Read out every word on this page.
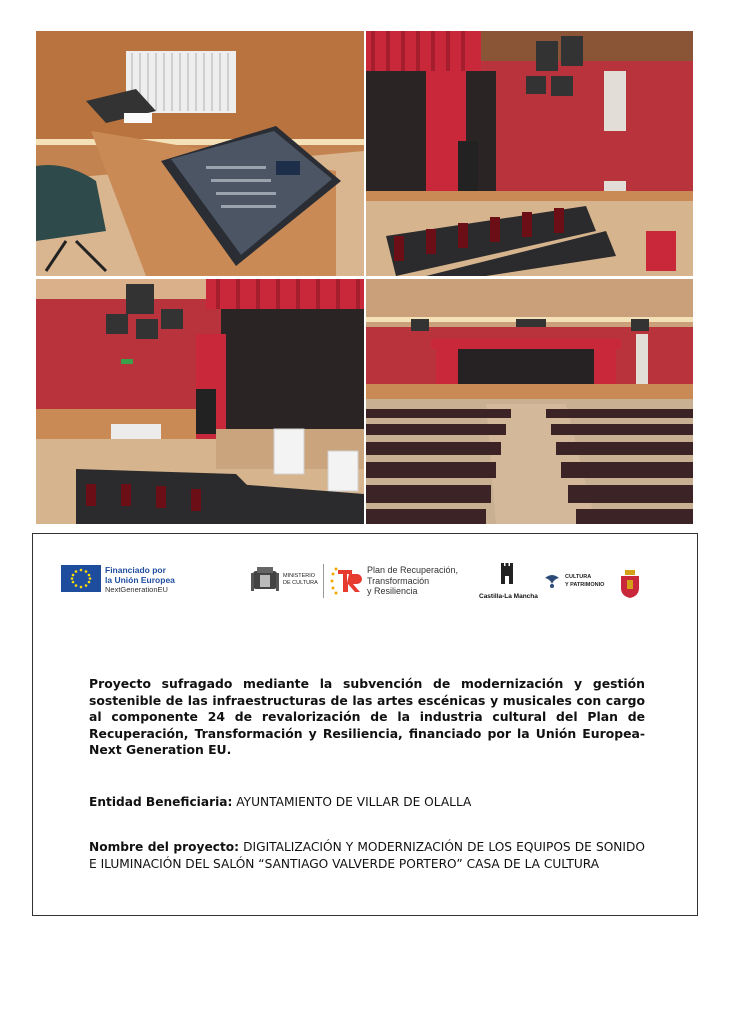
Financiado por
la Unión Europea
NextGenerationEU
MINISTERIO
DE CULTURA
Plan de Recuperación,
Transformación
y Resiliencia
Castilla-La Mancha
CULTURA
Y PATRIMONIO
Proyecto sufragado mediante la subvención de modernización y gestión sostenible de las infraestructuras de las artes escénicas y musicales con cargo al componente 24 de revalorización de la industria cultural del Plan de Recuperación, Transformación y Resiliencia, financiado por la Unión Europea-Next Generation EU.
Entidad Beneficiaria: AYUNTAMIENTO DE VILLAR DE OLALLA
Nombre del proyecto: DIGITALIZACIÓN Y MODERNIZACIÓN DE LOS EQUIPOS DE SONIDO E ILUMINACIÓN DEL SALÓN “SANTIAGO VALVERDE PORTERO” CASA DE LA CULTURA
